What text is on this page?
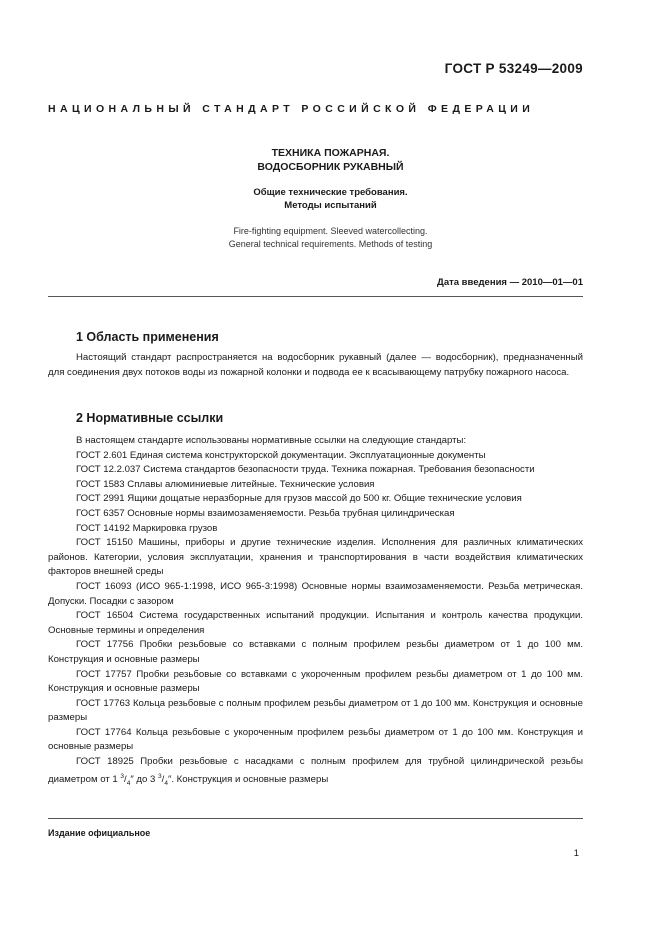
ГОСТ Р 53249—2009
НАЦИОНАЛЬНЫЙ СТАНДАРТ РОССИЙСКОЙ ФЕДЕРАЦИИ
ТЕХНИКА ПОЖАРНАЯ.
ВОДОСБОРНИК РУКАВНЫЙ
Общие технические требования.
Методы испытаний
Fire-fighting equipment. Sleeved watercollecting.
General technical requirements. Methods of testing
Дата введения — 2010—01—01
1 Область применения

Настоящий стандарт распространяется на водосборник рукавный (далее — водосборник), предназначенный для соединения двух потоков воды из пожарной колонки и подвода ее к всасывающему патрубку пожарного насоса.

2 Нормативные ссылки

В настоящем стандарте использованы нормативные ссылки на следующие стандарты:

ГОСТ 2.601 Единая система конструкторской документации. Эксплуатационные документы

ГОСТ 12.2.037 Система стандартов безопасности труда. Техника пожарная. Требования безопасности

ГОСТ 1583 Сплавы алюминиевые литейные. Технические условия

ГОСТ 2991 Ящики дощатые неразборные для грузов массой до 500 кг. Общие технические условия

ГОСТ 6357 Основные нормы взаимозаменяемости. Резьба трубная цилиндрическая

ГОСТ 14192 Маркировка грузов

ГОСТ 15150 Машины, приборы и другие технические изделия. Исполнения для различных климатических районов. Категории, условия эксплуатации, хранения и транспортирования в части воздействия климатических факторов внешней среды

ГОСТ 16093 (ИСО 965-1:1998, ИСО 965-3:1998) Основные нормы взаимозаменяемости. Резьба метрическая. Допуски. Посадки с зазором

ГОСТ 16504 Система государственных испытаний продукции. Испытания и контроль качества продукции. Основные термины и определения

ГОСТ 17756 Пробки резьбовые со вставками с полным профилем резьбы диаметром от 1 до 100 мм. Конструкция и основные размеры

ГОСТ 17757 Пробки резьбовые со вставками с укороченным профилем резьбы диаметром от 1 до 100 мм. Конструкция и основные размеры

ГОСТ 17763 Кольца резьбовые с полным профилем резьбы диаметром от 1 до 100 мм. Конструкция и основные размеры

ГОСТ 17764 Кольца резьбовые с укороченным профилем резьбы диаметром от 1 до 100 мм. Конструкция и основные размеры

ГОСТ 18925 Пробки резьбовые с насадками с полным профилем для трубной цилиндрической резьбы диаметром от 1 $^3/_4''$ до 3 $^3/_4''$. Конструкция и основные размеры

Издание официальное
1
